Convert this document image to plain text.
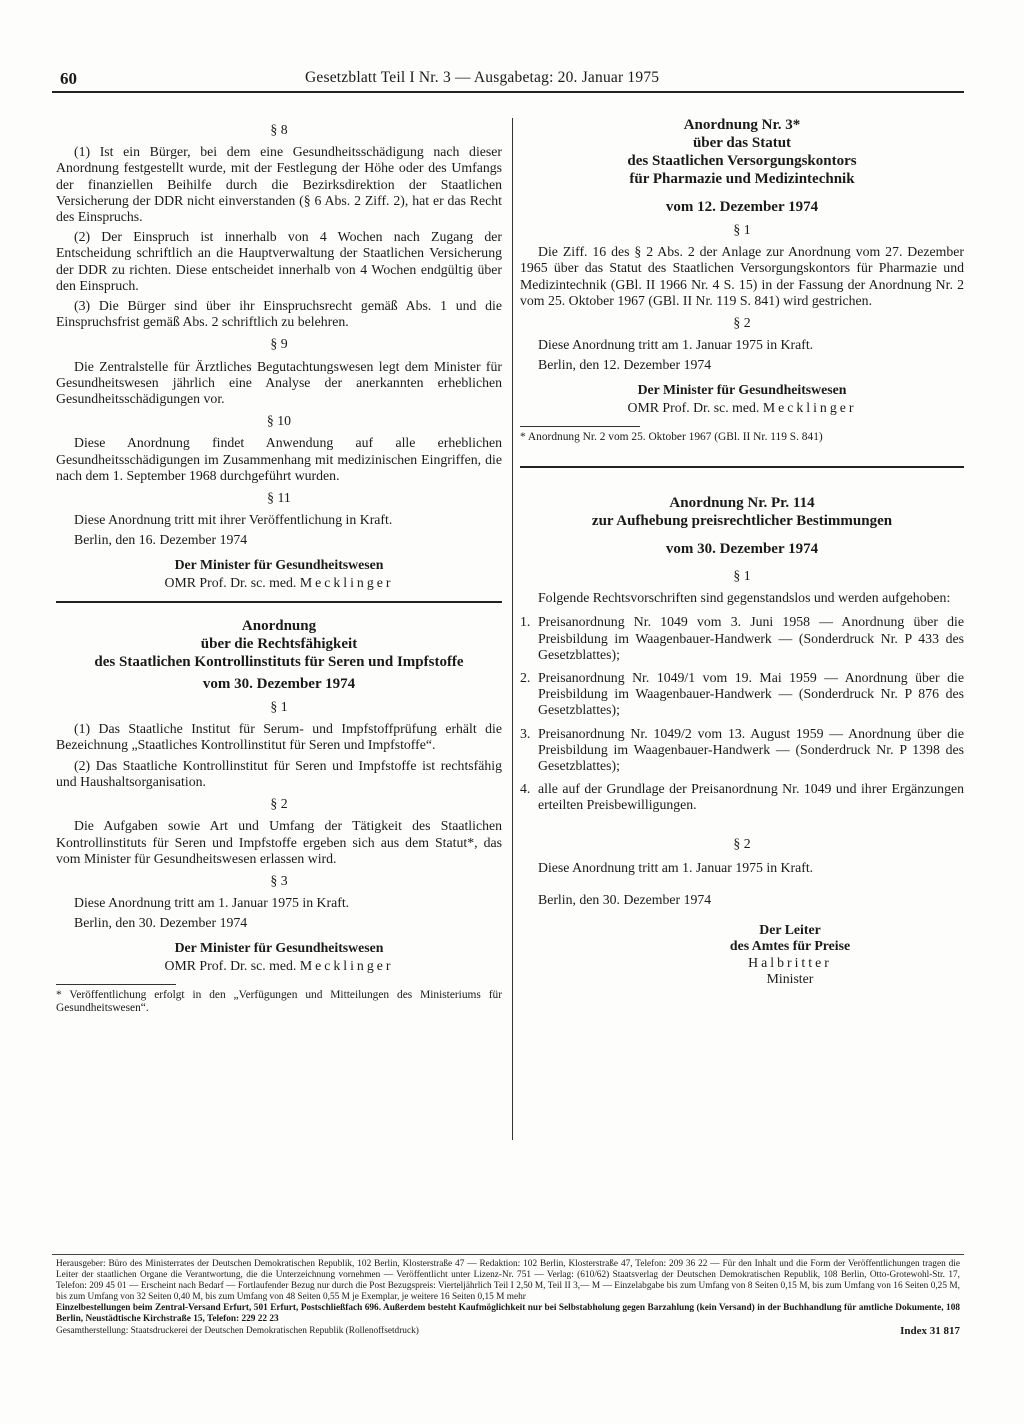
60	Gesetzblatt Teil I Nr. 3 — Ausgabetag: 20. Januar 1975
§ 8

(1) Ist ein Bürger, bei dem eine Gesundheitsschädigung nach dieser Anordnung festgestellt wurde, mit der Festlegung der Höhe oder des Umfangs der finanziellen Beihilfe durch die Bezirksdirektion der Staatlichen Versicherung der DDR nicht einverstanden (§ 6 Abs. 2 Ziff. 2), hat er das Recht des Einspruchs.

(2) Der Einspruch ist innerhalb von 4 Wochen nach Zugang der Entscheidung schriftlich an die Hauptverwaltung der Staatlichen Versicherung der DDR zu richten. Diese entscheidet innerhalb von 4 Wochen endgültig über den Einspruch.

(3) Die Bürger sind über ihr Einspruchsrecht gemäß Abs. 1 und die Einspruchsfrist gemäß Abs. 2 schriftlich zu belehren.

§ 9

Die Zentralstelle für Ärztliches Begutachtungswesen legt dem Minister für Gesundheitswesen jährlich eine Analyse der anerkannten erheblichen Gesundheitsschädigungen vor.

§ 10

Diese Anordnung findet Anwendung auf alle erheblichen Gesundheitsschädigungen im Zusammenhang mit medizinischen Eingriffen, die nach dem 1. September 1968 durchgeführt wurden.

§ 11

Diese Anordnung tritt mit ihrer Veröffentlichung in Kraft.

Berlin, den 16. Dezember 1974

Der Minister für Gesundheitswesen

OMR Prof. Dr. sc. med. Mecklinger

Anordnung

über die Rechtsfähigkeit

des Staatlichen Kontrollinstituts für Seren und Impfstoffe

vom 30. Dezember 1974

§ 1

(1) Das Staatliche Institut für Serum- und Impfstoffprüfung erhält die Bezeichnung „Staatliches Kontrollinstitut für Seren und Impfstoffe“.

(2) Das Staatliche Kontrollinstitut für Seren und Impfstoffe ist rechtsfähig und Haushaltsorganisation.

§ 2

Die Aufgaben sowie Art und Umfang der Tätigkeit des Staatlichen Kontrollinstituts für Seren und Impfstoffe ergeben sich aus dem Statut*, das vom Minister für Gesundheitswesen erlassen wird.

§ 3

Diese Anordnung tritt am 1. Januar 1975 in Kraft.

Berlin, den 30. Dezember 1974

Der Minister für Gesundheitswesen

OMR Prof. Dr. sc. med. Mecklinger

* Veröffentlichung erfolgt in den „Verfügungen und Mitteilungen des Ministeriums für Gesundheitswesen“.

Anordnung Nr. 3*

über das Statut

des Staatlichen Versorgungskontors

für Pharmazie und Medizintechnik

vom 12. Dezember 1974

§ 1

Die Ziff. 16 des § 2 Abs. 2 der Anlage zur Anordnung vom 27. Dezember 1965 über das Statut des Staatlichen Versorgungskontors für Pharmazie und Medizintechnik (GBl. II 1966 Nr. 4 S. 15) in der Fassung der Anordnung Nr. 2 vom 25. Oktober 1967 (GBl. II Nr. 119 S. 841) wird gestrichen.

§ 2

Diese Anordnung tritt am 1. Januar 1975 in Kraft.

Berlin, den 12. Dezember 1974

Der Minister für Gesundheitswesen

OMR Prof. Dr. sc. med. Mecklinger

* Anordnung Nr. 2 vom 25. Oktober 1967 (GBl. II Nr. 119 S. 841)

Anordnung Nr. Pr. 114

zur Aufhebung preisrechtlicher Bestimmungen

vom 30. Dezember 1974

§ 1

Folgende Rechtsvorschriften sind gegenstandslos und werden aufgehoben:

1. Preisanordnung Nr. 1049 vom 3. Juni 1958 — Anordnung über die Preisbildung im Waagenbauer-Handwerk — (Sonderdruck Nr. P 433 des Gesetzblattes);
2. Preisanordnung Nr. 1049/1 vom 19. Mai 1959 — Anordnung über die Preisbildung im Waagenbauer-Handwerk — (Sonderdruck Nr. P 876 des Gesetzblattes);
3. Preisanordnung Nr. 1049/2 vom 13. August 1959 — Anordnung über die Preisbildung im Waagenbauer-Handwerk — (Sonderdruck Nr. P 1398 des Gesetzblattes);
4. alle auf der Grundlage der Preisanordnung Nr. 1049 und ihrer Ergänzungen erteilten Preisbewilligungen.
§ 2

Diese Anordnung tritt am 1. Januar 1975 in Kraft.

Berlin, den 30. Dezember 1974

Der Leiter

des Amtes für Preise

Halbritter

Minister

Herausgeber: Büro des Ministerrates der Deutschen Demokratischen Republik, 102 Berlin, Klosterstraße 47 — Redaktion: 102 Berlin, Klosterstraße 47, Telefon: 209 36 22 — Für den Inhalt und die Form der Veröffentlichungen tragen die Leiter der staatlichen Organe die Verantwortung, die die Unterzeichnung vornehmen — Veröffentlicht unter Lizenz-Nr. 751 — Verlag: (610/62) Staatsverlag der Deutschen Demokratischen Republik, 108 Berlin, Otto-Grotewohl-Str. 17, Telefon: 209 45 01 — Erscheint nach Bedarf — Fortlaufender Bezug nur durch die Post Bezugspreis: Vierteljährlich Teil I 2,50 M, Teil II 3,— M — Einzelabgabe bis zum Umfang von 8 Seiten 0,15 M, bis zum Umfang von 16 Seiten 0,25 M, bis zum Umfang von 32 Seiten 0,40 M, bis zum Umfang von 48 Seiten 0,55 M je Exemplar, je weitere 16 Seiten 0,15 M mehr

Einzelbestellungen beim Zentral-Versand Erfurt, 501 Erfurt, Postschließfach 696. Außerdem besteht Kaufmöglichkeit nur bei Selbstabholung gegen Barzahlung (kein Versand) in der Buchhandlung für amtliche Dokumente, 108 Berlin, Neustädtische Kirchstraße 15, Telefon: 229 22 23

Gesamtherstellung: Staatsdruckerei der Deutschen Demokratischen Republik (Rollenoffsetdruck)	Index 31 817
